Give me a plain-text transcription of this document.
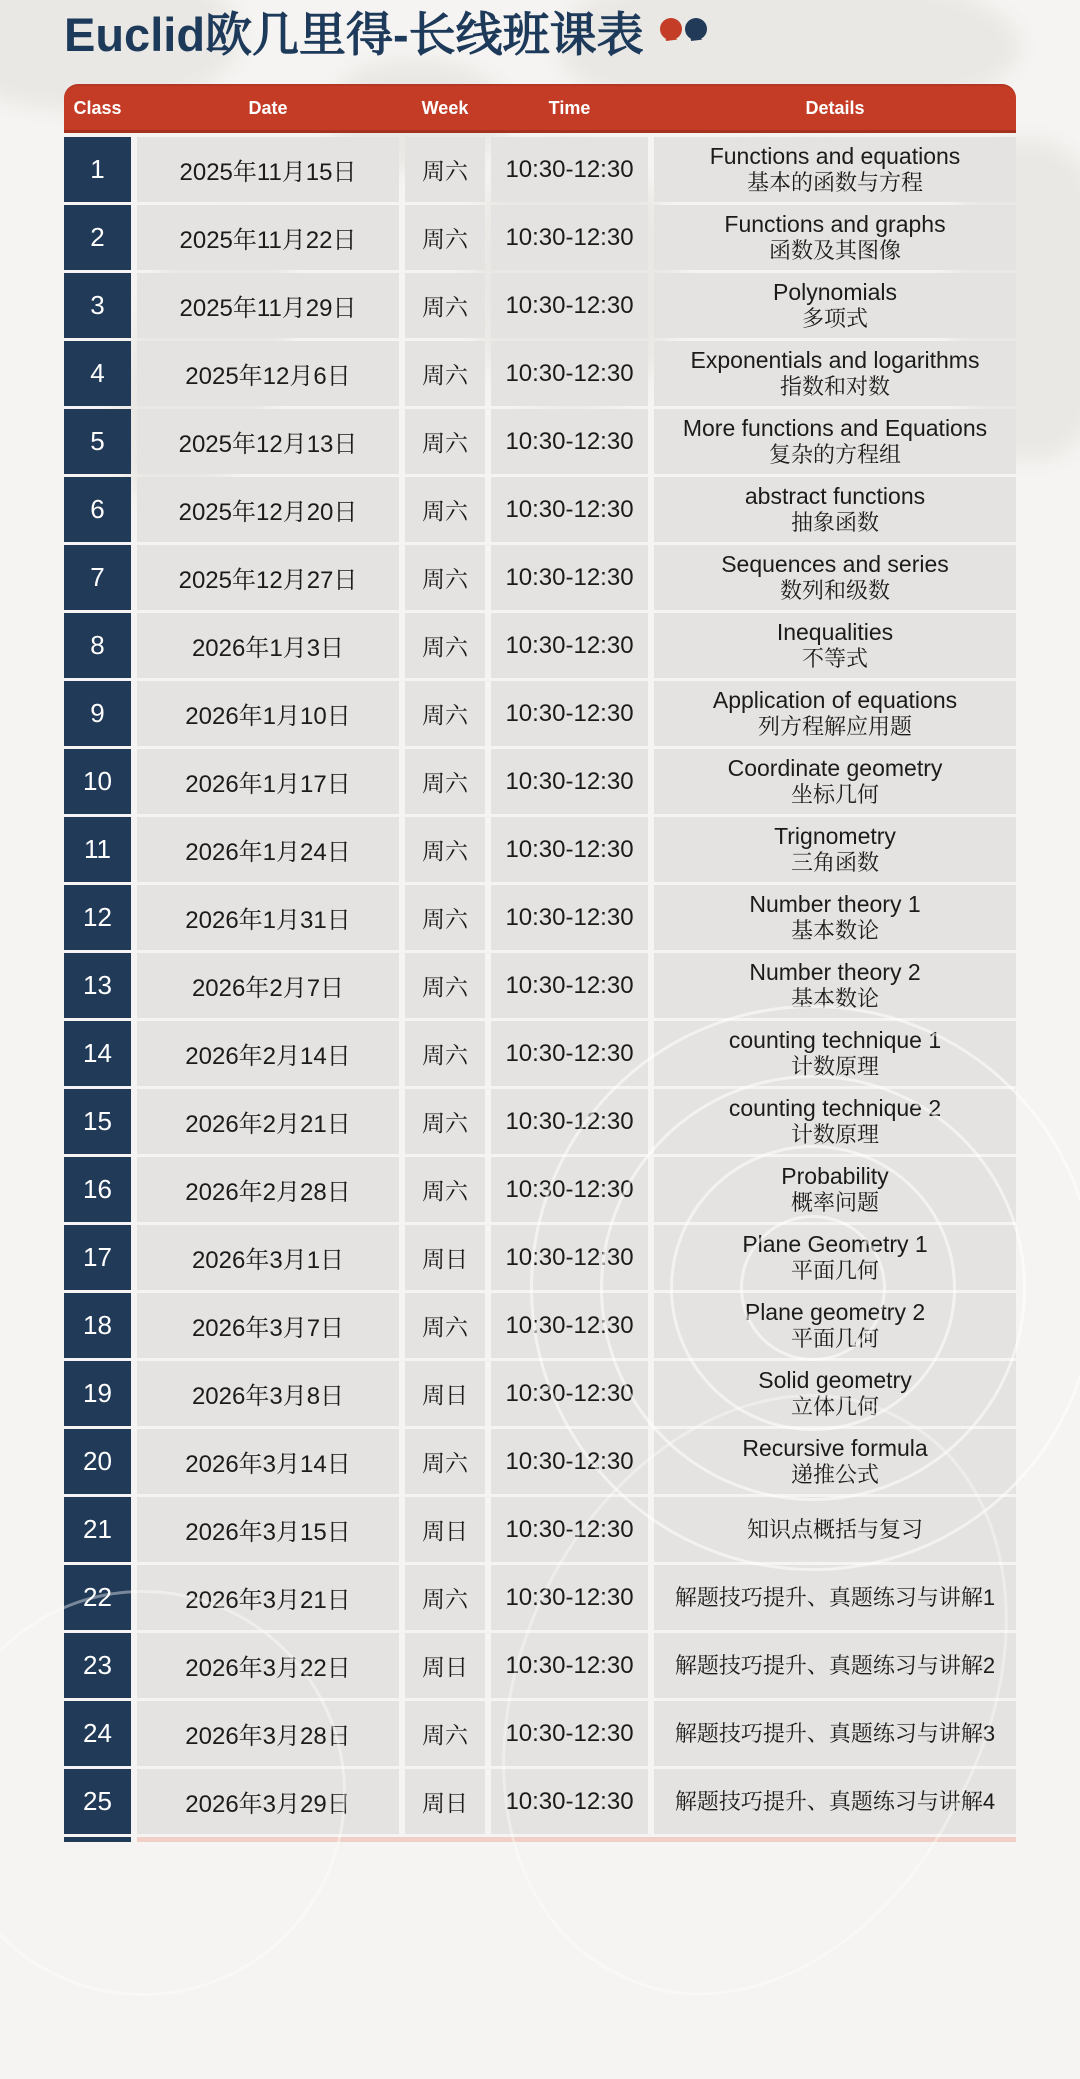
Euclid欧几里得-长线班课表
Class	Date	Week	Time	Details
1	2025年11月15日	周六	10:30-12:30	Functions and equations
基本的函数与方程
2	2025年11月22日	周六	10:30-12:30	Functions and graphs
函数及其图像
3	2025年11月29日	周六	10:30-12:30	Polynomials
多项式
4	2025年12月6日	周六	10:30-12:30	Exponentials and logarithms
指数和对数
5	2025年12月13日	周六	10:30-12:30	More functions and Equations
复杂的方程组
6	2025年12月20日	周六	10:30-12:30	abstract functions
抽象函数
7	2025年12月27日	周六	10:30-12:30	Sequences and series
数列和级数
8	2026年1月3日	周六	10:30-12:30	Inequalities
不等式
9	2026年1月10日	周六	10:30-12:30	Application of equations
列方程解应用题
10	2026年1月17日	周六	10:30-12:30	Coordinate geometry
坐标几何
11	2026年1月24日	周六	10:30-12:30	Trignometry
三角函数
12	2026年1月31日	周六	10:30-12:30	Number theory 1
基本数论
13	2026年2月7日	周六	10:30-12:30	Number theory 2
基本数论
14	2026年2月14日	周六	10:30-12:30	counting technique 1
计数原理
15	2026年2月21日	周六	10:30-12:30	counting technique 2
计数原理
16	2026年2月28日	周六	10:30-12:30	Probability
概率问题
17	2026年3月1日	周日	10:30-12:30	Plane Geometry 1
平面几何
18	2026年3月7日	周六	10:30-12:30	Plane geometry 2
平面几何
19	2026年3月8日	周日	10:30-12:30	Solid geometry
立体几何
20	2026年3月14日	周六	10:30-12:30	Recursive formula
递推公式
21	2026年3月15日	周日	10:30-12:30	知识点概括与复习
22	2026年3月21日	周六	10:30-12:30	解题技巧提升、真题练习与讲解1
23	2026年3月22日	周日	10:30-12:30	解题技巧提升、真题练习与讲解2
24	2026年3月28日	周六	10:30-12:30	解题技巧提升、真题练习与讲解3
25	2026年3月29日	周日	10:30-12:30	解题技巧提升、真题练习与讲解4
